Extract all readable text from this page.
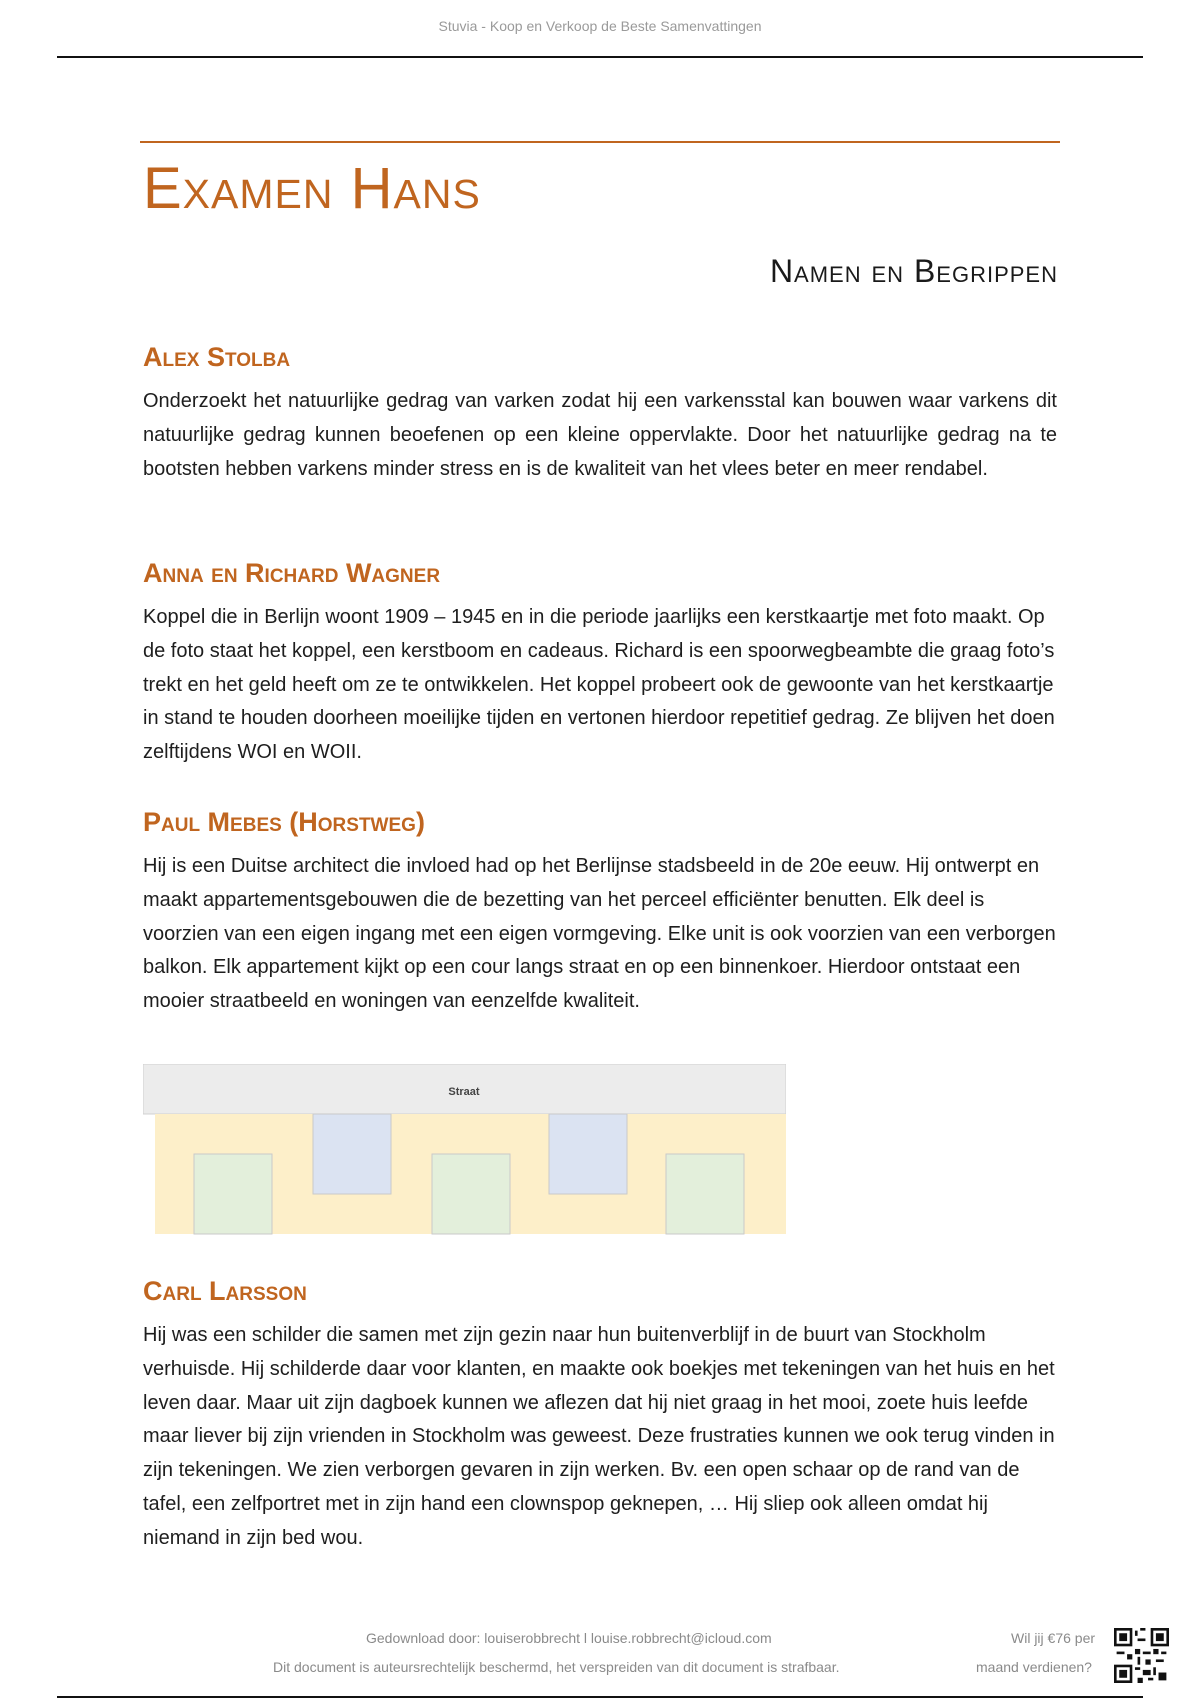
Stuvia - Koop en Verkoop de Beste Samenvattingen
Examen Hans
Namen en Begrippen
Alex Stolba
Onderzoekt het natuurlijke gedrag van varken zodat hij een varkensstal kan bouwen waar varkens dit natuurlijke gedrag kunnen beoefenen op een kleine oppervlakte. Door het natuurlijke gedrag na te bootsten hebben varkens minder stress en is de kwaliteit van het vlees beter en meer rendabel.
Anna en Richard Wagner
Koppel die in Berlijn woont 1909 – 1945 en in die periode jaarlijks een kerstkaartje met foto maakt. Op de foto staat het koppel, een kerstboom en cadeaus. Richard is een spoorwegbeambte die graag foto’s trekt en het geld heeft om ze te ontwikkelen. Het koppel probeert ook de gewoonte van het kerstkaartje in stand te houden doorheen moeilijke tijden en vertonen hierdoor repetitief gedrag. Ze blijven het doen zelftijdens WOI en WOII.
Paul Mebes (Horstweg)
Hij is een Duitse architect die invloed had op het Berlijnse stadsbeeld in de 20e eeuw. Hij ontwerpt en maakt appartementsgebouwen die de bezetting van het perceel efficiënter benutten. Elk deel is voorzien van een eigen ingang met een eigen vormgeving. Elke unit is ook voorzien van een verborgen balkon. Elk appartement kijkt op een cour langs straat en op een binnenkoer. Hierdoor ontstaat een mooier straatbeeld en woningen van eenzelfde kwaliteit.
Straat
Carl Larsson
Hij was een schilder die samen met zijn gezin naar hun buitenverblijf in de buurt van Stockholm verhuisde. Hij schilderde daar voor klanten, en maakte ook boekjes met tekeningen van het huis en het leven daar. Maar uit zijn dagboek kunnen we aflezen dat hij niet graag in het mooi, zoete huis leefde maar liever bij zijn vrienden in Stockholm was geweest. Deze frustraties kunnen we ook terug vinden in zijn tekeningen. We zien verborgen gevaren in zijn werken. Bv. een open schaar op de rand van de tafel, een zelfportret met in zijn hand een clownspop geknepen, … Hij sliep ook alleen omdat hij niemand in zijn bed wou.
Gedownload door: louiserobbrecht l louise.robbrecht@icloud.com
Dit document is auteursrechtelijk beschermd, het verspreiden van dit document is strafbaar.
Wil jij €76 per
maand verdienen?
